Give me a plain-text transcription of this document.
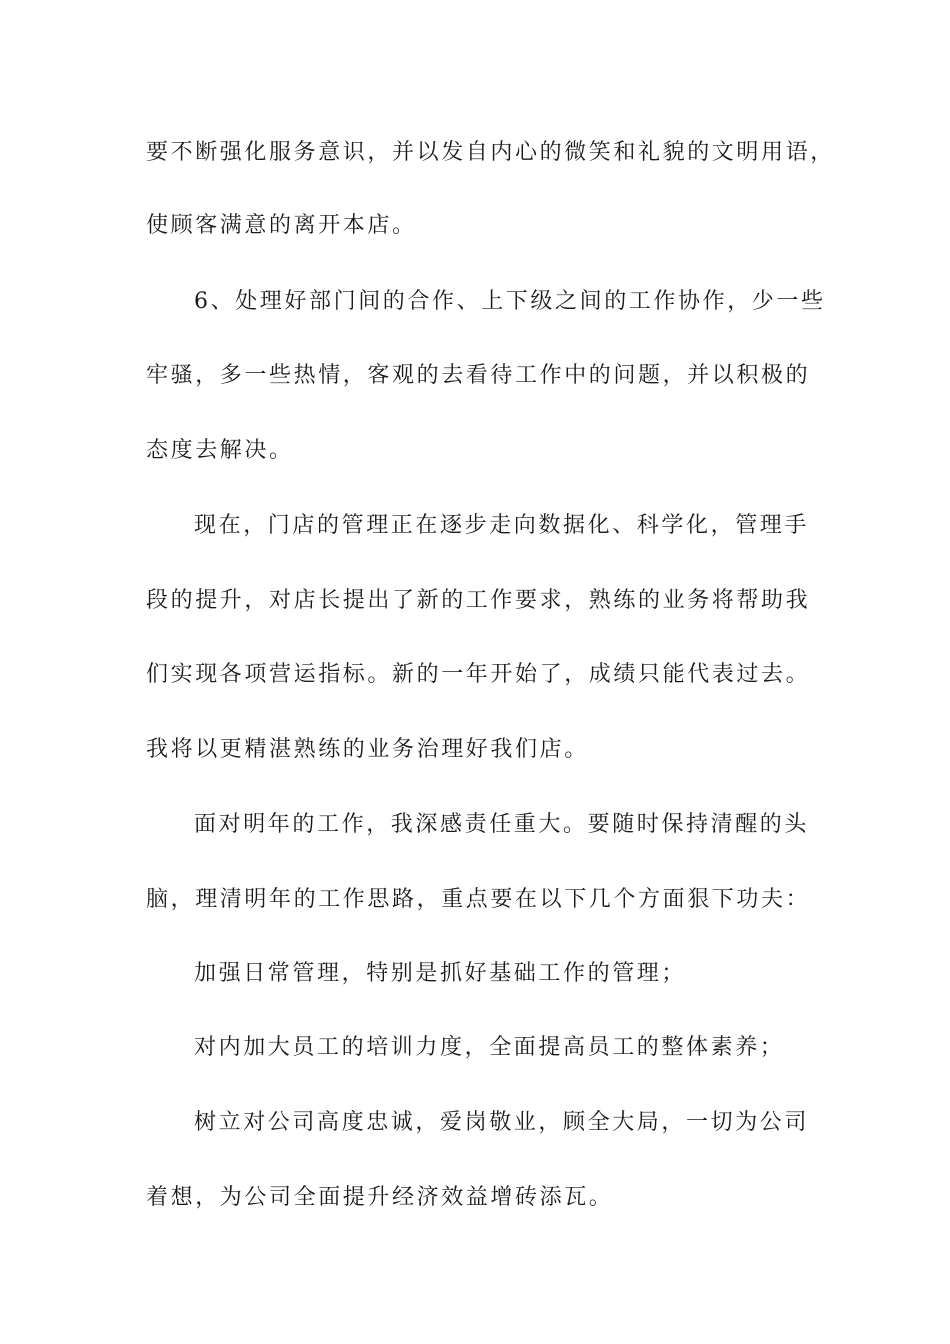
要不断强化服务意识，并以发自内心的微笑和礼貌的文明用语，
使顾客满意的离开本店。
6、处理好部门间的合作、上下级之间的工作协作，少一些
牢骚，多一些热情，客观的去看待工作中的问题，并以积极的
态度去解决。
现在，门店的管理正在逐步走向数据化、科学化，管理手
段的提升，对店长提出了新的工作要求，熟练的业务将帮助我
们实现各项营运指标。新的一年开始了，成绩只能代表过去。
我将以更精湛熟练的业务治理好我们店。
面对明年的工作，我深感责任重大。要随时保持清醒的头
脑，理清明年的工作思路，重点要在以下几个方面狠下功夫：
加强日常管理，特别是抓好基础工作的管理；
对内加大员工的培训力度，全面提高员工的整体素养；
树立对公司高度忠诚，爱岗敬业，顾全大局，一切为公司
着想，为公司全面提升经济效益增砖添瓦。
